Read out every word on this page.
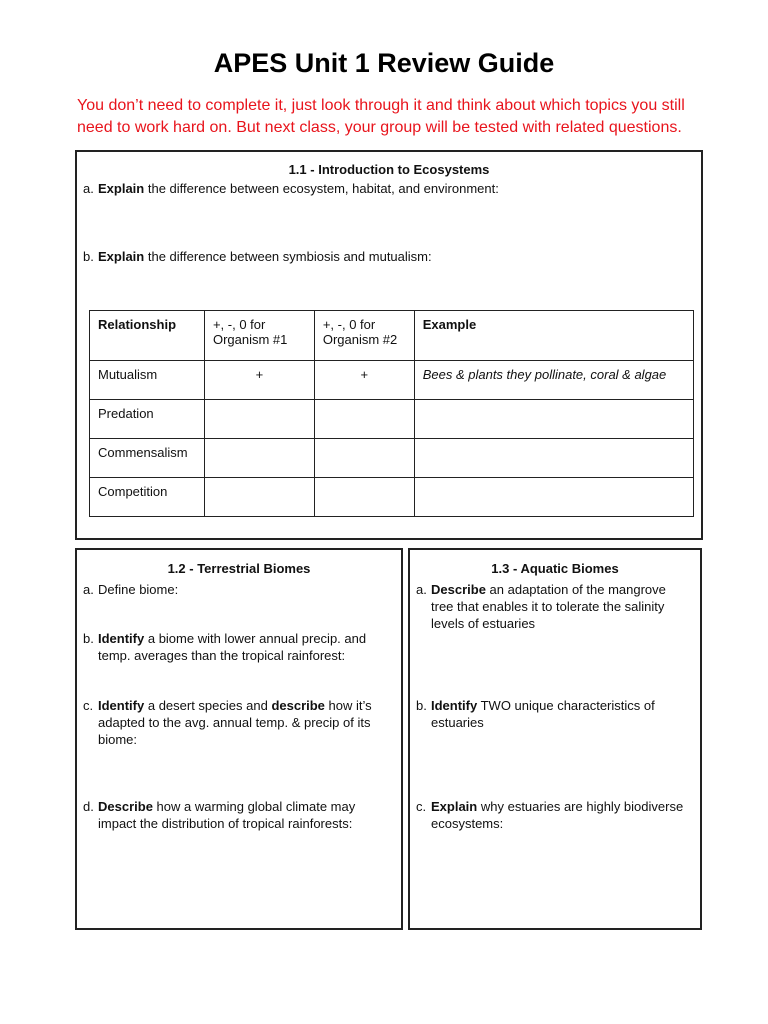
APES Unit 1 Review Guide
You don’t need to complete it, just look through it and think about which topics you still need to work hard on. But next class, your group will be tested with related questions.
1.1 - Introduction to Ecosystems
a. Explain the difference between ecosystem, habitat, and environment:
b. Explain the difference between symbiosis and mutualism:
Relationship	+, -, 0 for Organism #1	+, -, 0 for Organism #2	Example
Mutualism	+	+	Bees & plants they pollinate, coral & algae
Predation			
Commensalism			
Competition			
1.2 - Terrestrial Biomes
a. Define biome:
b. Identify a biome with lower annual precip. and temp. averages than the tropical rainforest:
c. Identify a desert species and describe how it’s adapted to the avg. annual temp. & precip of its biome:
d. Describe how a warming global climate may impact the distribution of tropical rainforests:
1.3 - Aquatic Biomes
a. Describe an adaptation of the mangrove tree that enables it to tolerate the salinity levels of estuaries
b. Identify TWO unique characteristics of estuaries
c. Explain why estuaries are highly biodiverse ecosystems:
